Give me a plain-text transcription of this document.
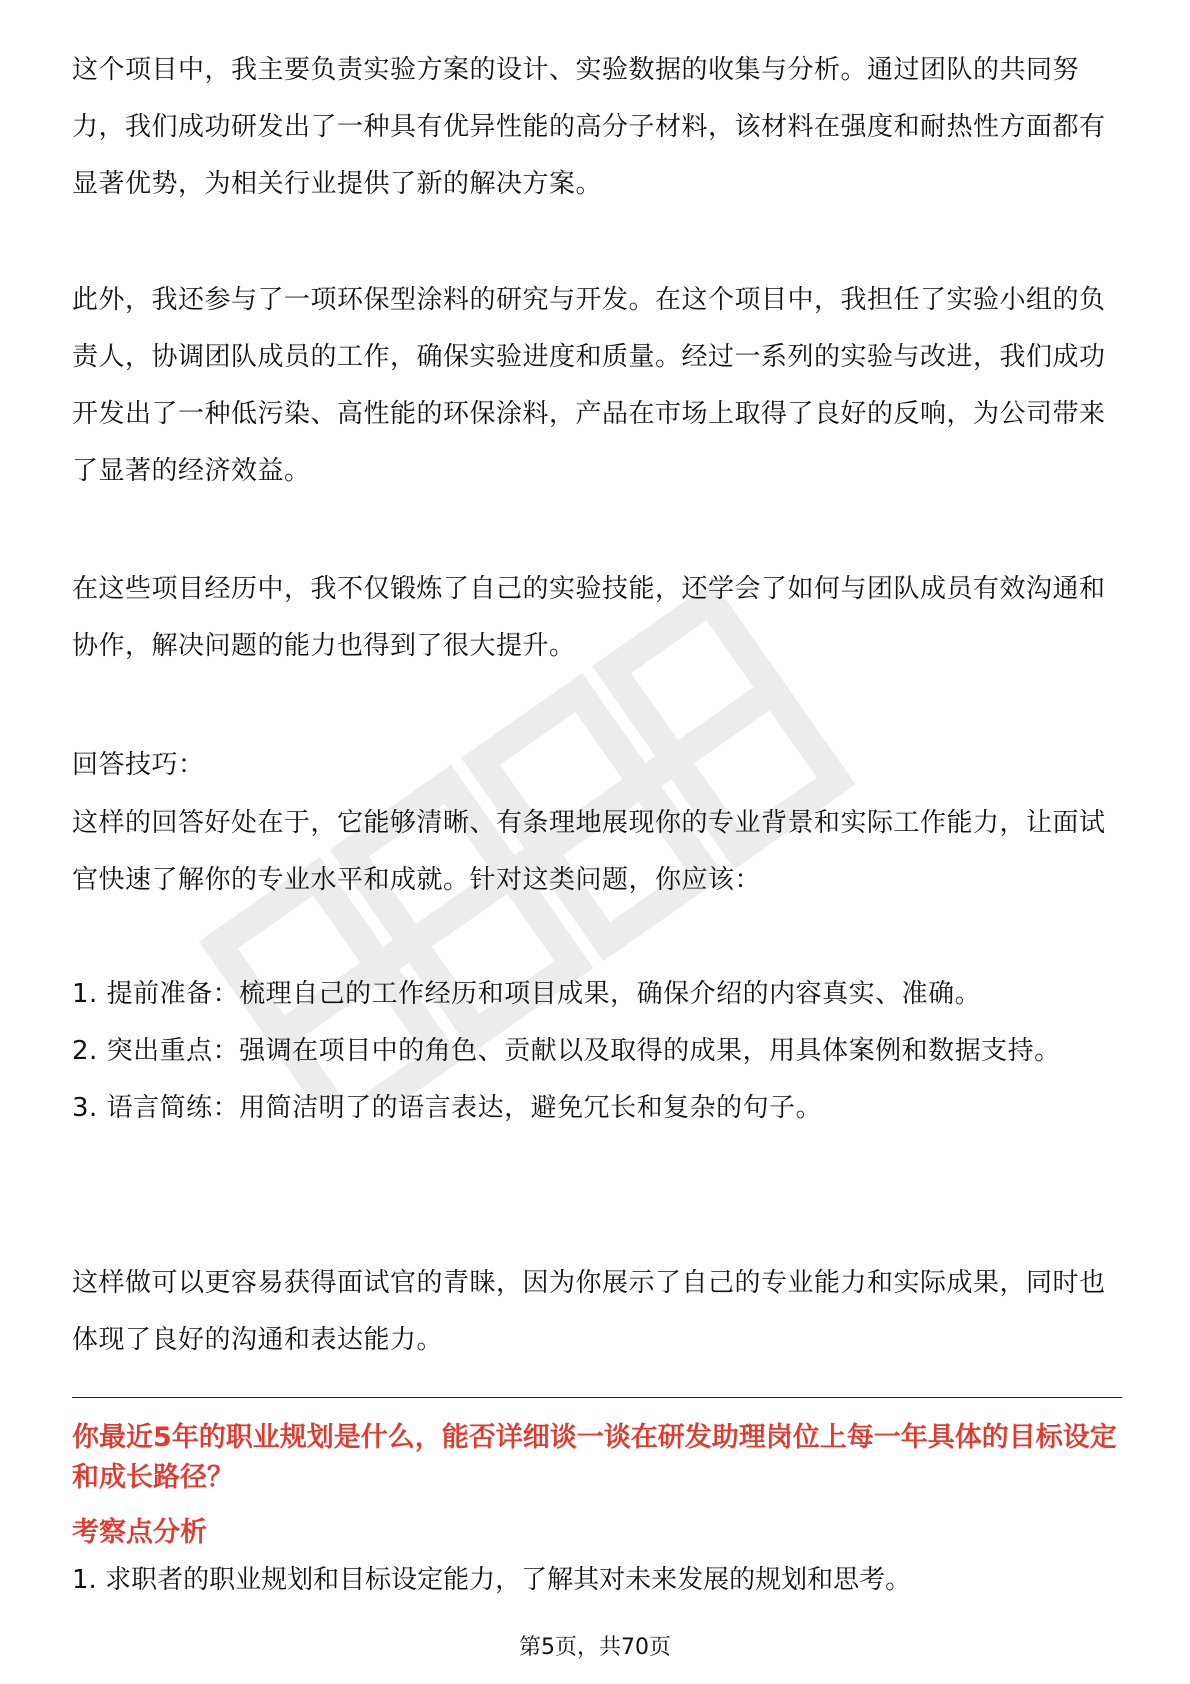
这个项目中，我主要负责实验方案的设计、实验数据的收集与分析。通过团队的共同努力，我们成功研发出了一种具有优异性能的高分子材料，该材料在强度和耐热性方面都有显著优势，为相关行业提供了新的解决方案。

此外，我还参与了一项环保型涂料的研究与开发。在这个项目中，我担任了实验小组的负责人，协调团队成员的工作，确保实验进度和质量。经过一系列的实验与改进，我们成功开发出了一种低污染、高性能的环保涂料，产品在市场上取得了良好的反响，为公司带来了显著的经济效益。

在这些项目经历中，我不仅锻炼了自己的实验技能，还学会了如何与团队成员有效沟通和协作，解决问题的能力也得到了很大提升。

回答技巧：

这样的回答好处在于，它能够清晰、有条理地展现你的专业背景和实际工作能力，让面试官快速了解你的专业水平和成就。针对这类问题，你应该：

1. 提前准备：梳理自己的工作经历和项目成果，确保介绍的内容真实、准确。
2. 突出重点：强调在项目中的角色、贡献以及取得的成果，用具体案例和数据支持。
3. 语言简练：用简洁明了的语言表达，避免冗长和复杂的句子。

这样做可以更容易获得面试官的青睐，因为你展示了自己的专业能力和实际成果，同时也体现了良好的沟通和表达能力。

你最近5年的职业规划是什么，能否详细谈一谈在研发助理岗位上每一年具体的目标设定和成长路径？

考察点分析

1. 求职者的职业规划和目标设定能力，了解其对未来发展的规划和思考。

第5页，共70页
